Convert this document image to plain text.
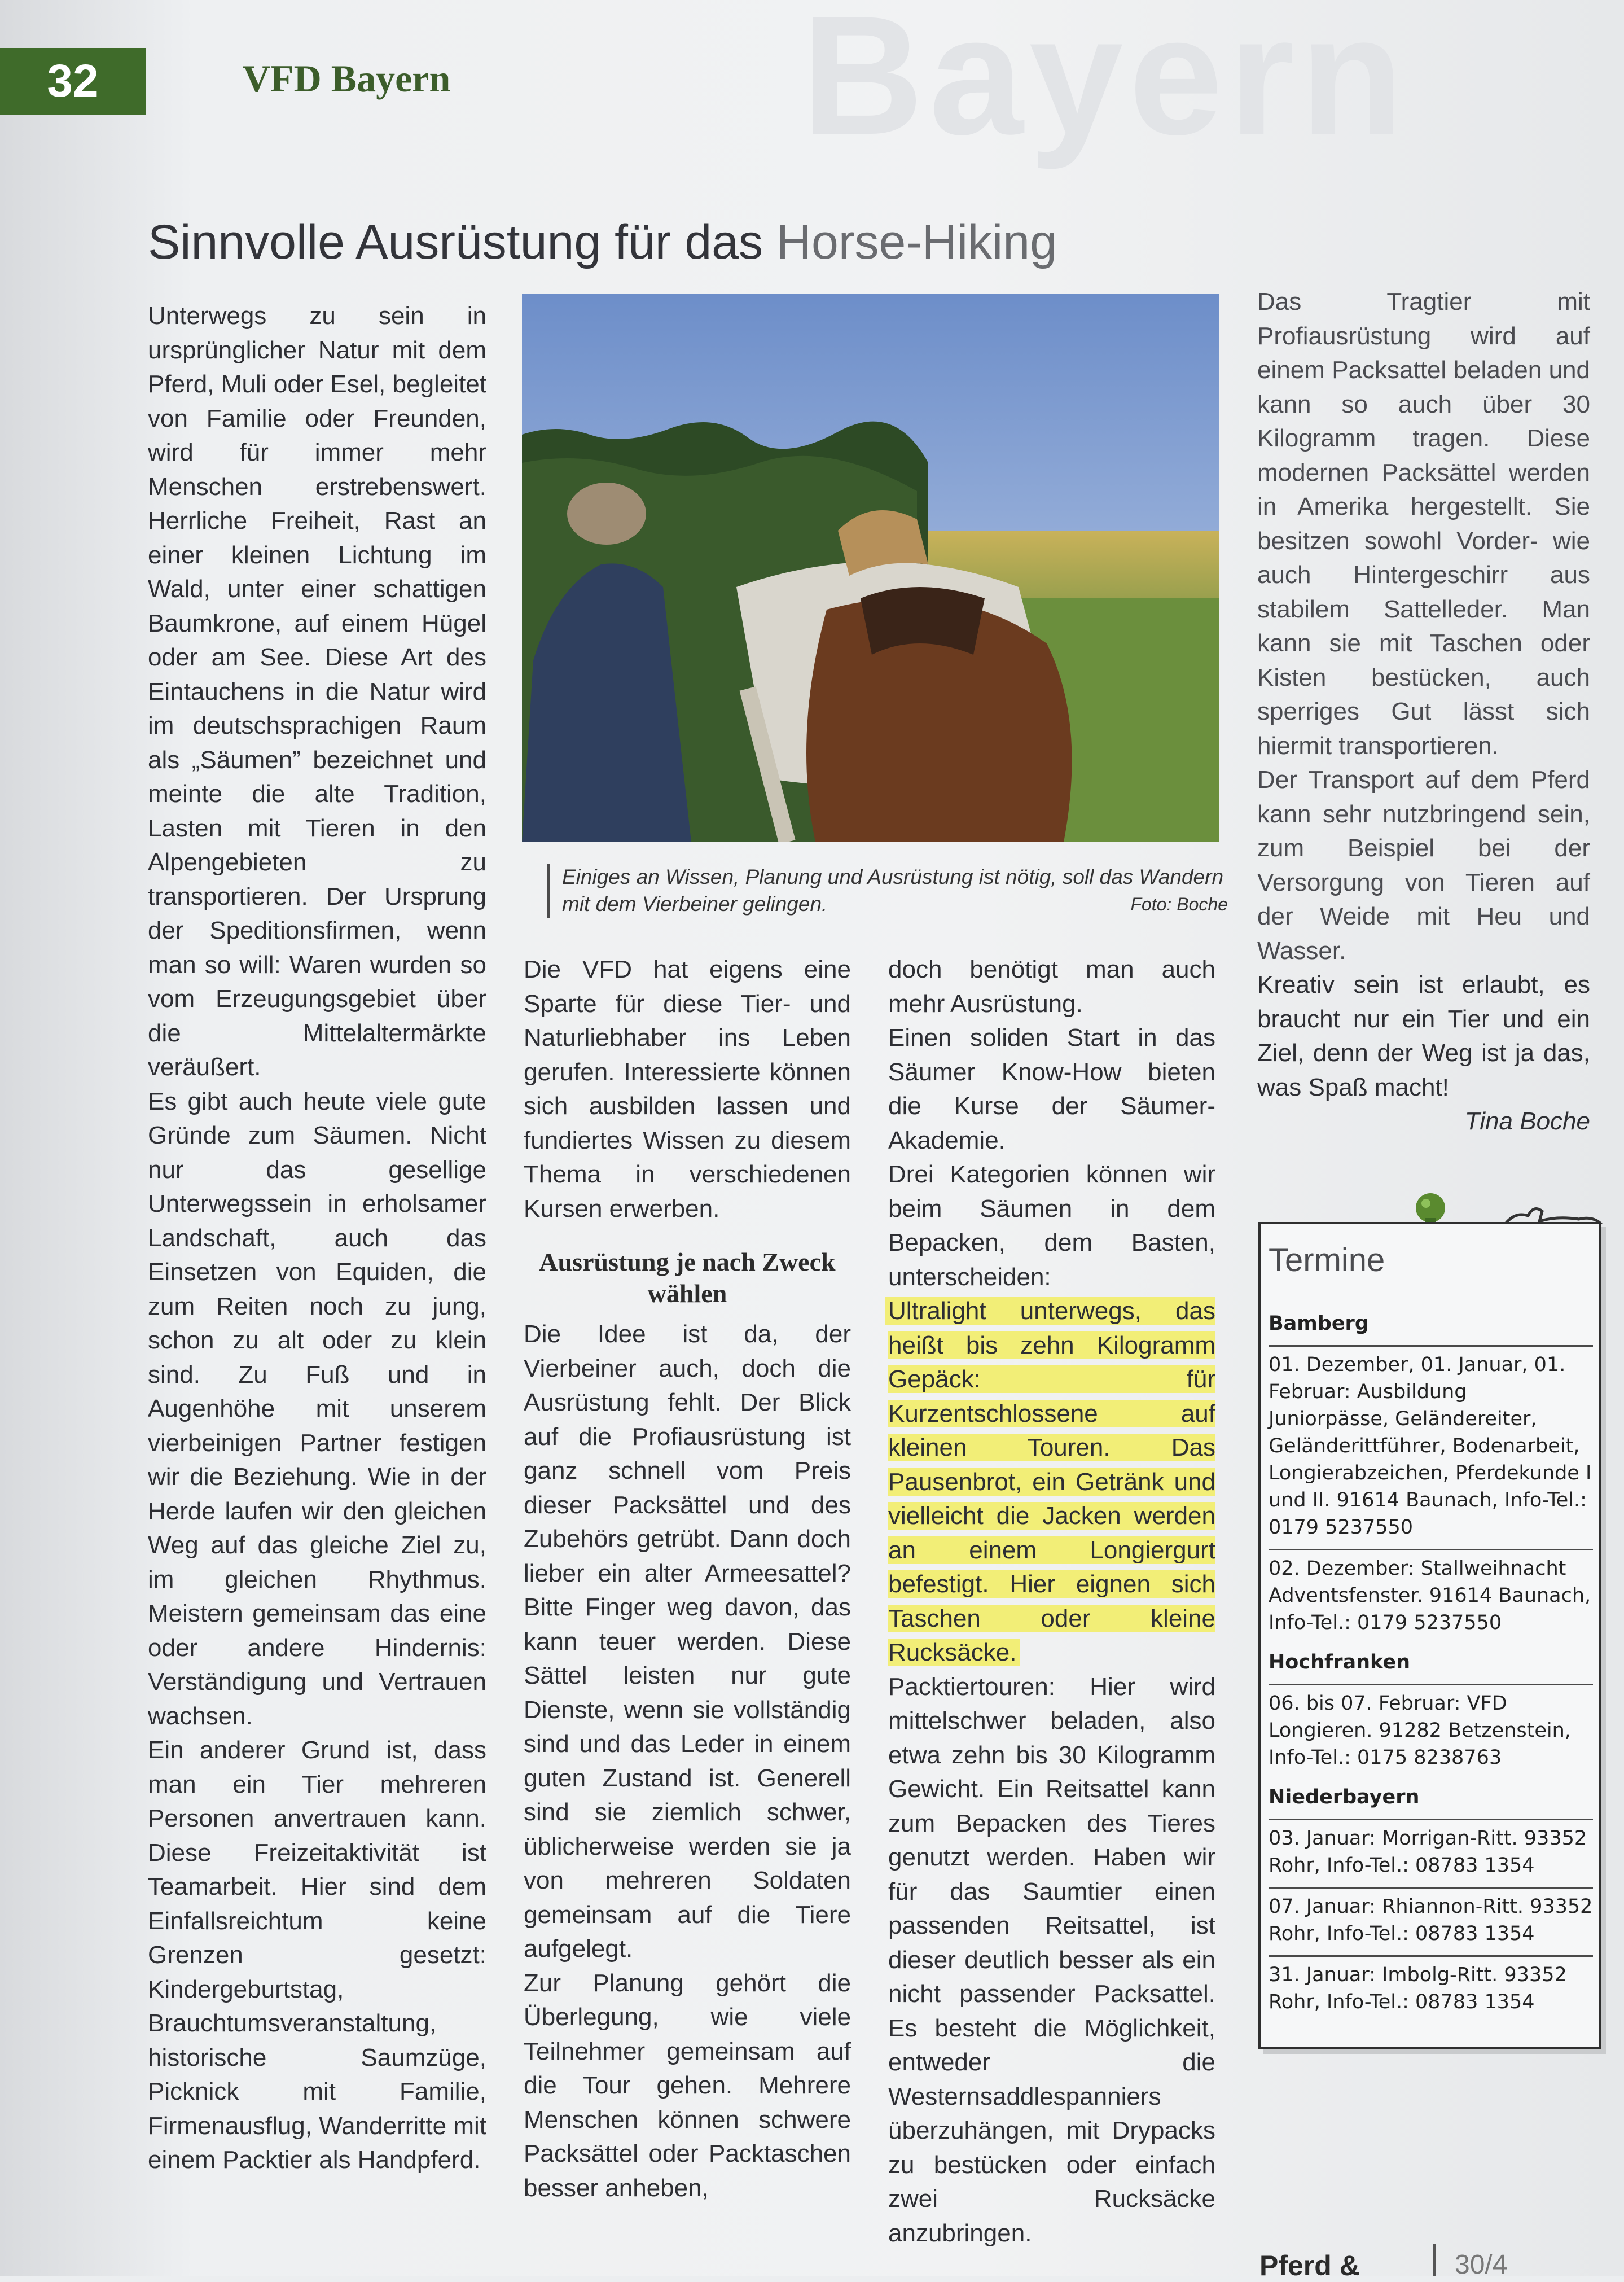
Bayern
32	VFD Bayern
Sinnvolle Ausrüstung für das Horse-Hiking

Unterwegs zu sein in ursprünglicher Natur mit dem Pferd, Muli oder Esel, begleitet von Familie oder Freunden, wird für immer mehr Menschen erstrebenswert. Herrliche Freiheit, Rast an einer kleinen Lichtung im Wald, unter einer schattigen Baumkrone, auf einem Hügel oder am See. Diese Art des Eintauchens in die Natur wird im deutschsprachigen Raum als „Säumen” bezeichnet und meinte die alte Tradition, Lasten mit Tieren in den Alpengebieten zu transportieren. Der Ursprung der Speditionsfirmen, wenn man so will: Waren wurden so vom Erzeugungsgebiet über die Mittelaltermärkte veräußert.

Es gibt auch heute viele gute Gründe zum Säumen. Nicht nur das gesellige Unterwegssein in erholsamer Landschaft, auch das Einsetzen von Equiden, die zum Reiten noch zu jung, schon zu alt oder zu klein sind. Zu Fuß und in Augenhöhe mit unserem vierbeinigen Partner festigen wir die Beziehung. Wie in der Herde laufen wir den gleichen Weg auf das gleiche Ziel zu, im gleichen Rhythmus. Meistern gemeinsam das eine oder andere Hindernis: Verständigung und Vertrauen wachsen.

Ein anderer Grund ist, dass man ein Tier mehreren Personen anvertrauen kann. Diese Freizeitaktivität ist Teamarbeit. Hier sind dem Einfallsreichtum keine Grenzen gesetzt: Kindergeburtstag, Brauchtumsveranstaltung, historische Saumzüge, Picknick mit Familie, Firmenausflug, Wanderritte mit einem Packtier als Handpferd.

Einiges an Wissen, Planung und Ausrüstung ist nötig, soll das Wandern mit dem Vierbeiner gelingen.	Foto: Boche

Die VFD hat eigens eine Sparte für diese Tier- und Naturliebhaber ins Leben gerufen. Interessierte können sich ausbilden lassen und fundiertes Wissen zu diesem Thema in verschiedenen Kursen erwerben.

Ausrüstung je nach Zweck wählen

Die Idee ist da, der Vierbeiner auch, doch die Ausrüstung fehlt. Der Blick auf die Profiausrüstung ist ganz schnell vom Preis dieser Packsättel und des Zubehörs getrübt. Dann doch lieber ein alter Armeesattel? Bitte Finger weg davon, das kann teuer werden. Diese Sättel leisten nur gute Dienste, wenn sie vollständig sind und das Leder in einem guten Zustand ist. Generell sind sie ziemlich schwer, üblicherweise werden sie ja von mehreren Soldaten gemeinsam auf die Tiere aufgelegt.

Zur Planung gehört die Überlegung, wie viele Teilnehmer gemeinsam auf die Tour gehen. Mehrere Menschen können schwere Packsättel oder Packtaschen besser anheben,

doch benötigt man auch mehr Ausrüstung.

Einen soliden Start in das Säumer Know-How bieten die Kurse der Säumer-Akademie.

Drei Kategorien können wir beim Säumen in dem Bepacken, dem Basten, unterscheiden:

Ultralight unterwegs, das heißt bis zehn Kilogramm Gepäck: für Kurzentschlossene auf kleinen Touren. Das Pausenbrot, ein Getränk und vielleicht die Jacken werden an einem Longiergurt befestigt. Hier eignen sich Taschen oder kleine Rucksäcke.

Packtiertouren: Hier wird mittelschwer beladen, also etwa zehn bis 30 Kilogramm Gewicht. Ein Reitsattel kann zum Bepacken des Tieres genutzt werden. Haben wir für das Saumtier einen passenden Reitsattel, ist dieser deutlich besser als ein nicht passender Packsattel. Es besteht die Möglichkeit, entweder die Westernsaddlespanniers überzuhängen, mit Drypacks zu bestücken oder einfach zwei Rucksäcke anzubringen.

Das Tragtier mit Profiausrüstung wird auf einem Packsattel beladen und kann so auch über 30 Kilogramm tragen. Diese modernen Packsättel werden in Amerika hergestellt. Sie besitzen sowohl Vorder- wie auch Hintergeschirr aus stabilem Sattelleder. Man kann sie mit Taschen oder Kisten bestücken, auch sperriges Gut lässt sich hiermit transportieren.

Der Transport auf dem Pferd kann sehr nutzbringend sein, zum Beispiel bei der Versorgung von Tieren auf der Weide mit Heu und Wasser.

Kreativ sein ist erlaubt, es braucht nur ein Tier und ein Ziel, denn der Weg ist ja das, was Spaß macht!

Tina Boche

Termine
Bamberg

01. Dezember, 01. Januar, 01. Februar: Ausbildung Juniorpässe, Geländereiter, Geländerittführer, Bodenarbeit, Longierabzeichen, Pferdekunde I und II. 91614 Baunach, Info-Tel.: 0179 5237550

02. Dezember: Stallweihnacht Adventsfenster. 91614 Baunach, Info-Tel.: 0179 5237550

Hochfranken

06. bis 07. Februar: VFD Longieren. 91282 Betzenstein, Info-Tel.: 0175 8238763

Niederbayern

03. Januar: Morrigan-Ritt. 93352 Rohr, Info-Tel.: 08783 1354

07. Januar: Rhiannon-Ritt. 93352 Rohr, Info-Tel.: 08783 1354

31. Januar: Imbolg-Ritt. 93352 Rohr, Info-Tel.: 08783 1354

Pferd &	30/4
